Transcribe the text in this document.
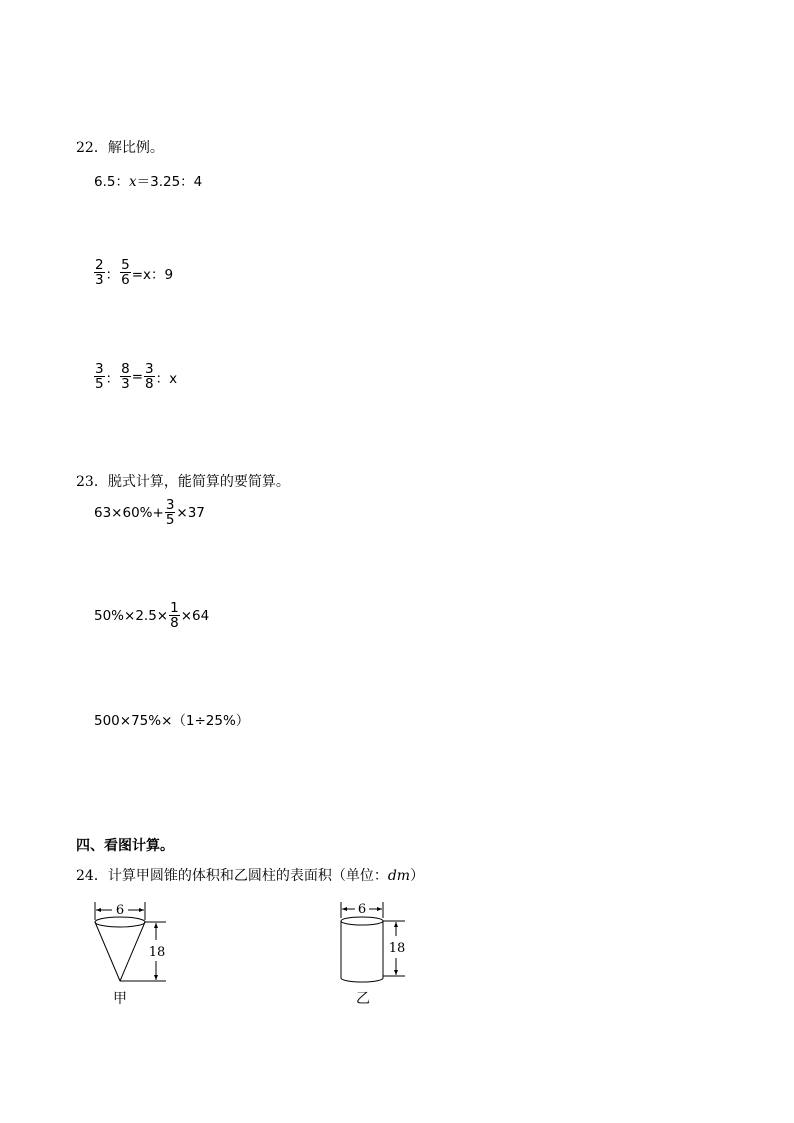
22．解比例。
6.5：x＝3.25：4
$\frac{2}{3}$ ： $\frac{5}{6} =x$：9
$\frac{3}{5}$ ： $\frac{8}{3} = \frac{3}{8}$ ：x
23．脱式计算，能简算的要简算。
$63\times 60\%+ \frac{3}{5} \times 37$
$50\%\times 2.5\times \frac{1}{8} \times 64$
500×75%×（1÷25%）
四、看图计算。
24．计算甲圆锥的体积和乙圆柱的表面积（单位：dm）
6
18
甲
6
18
乙
